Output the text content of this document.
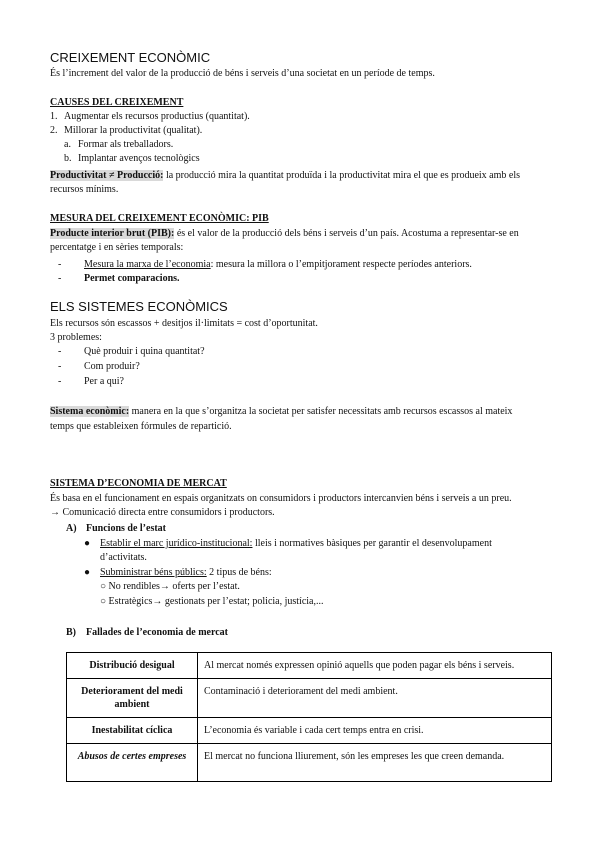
CREIXEMENT ECONÒMIC
És l’increment del valor de la producció de béns i serveis d’una societat en un període de temps.
CAUSES DEL CREIXEMENT
1. Augmentar els recursos productius (quantitat).
2. Millorar la productivitat (qualitat).
a. Formar als treballadors.
b. Implantar avenços tecnològics
Productivitat ≠ Producció: la producció mira la quantitat produïda i la productivitat mira el que es produeix amb els
recursos mínims.
MESURA DEL CREIXEMENT ECONÒMIC: PIB
Producte interior brut (PIB): és el valor de la producció dels béns i serveis d’un país. Acostuma a representar-se en
percentatge i en sèries temporals:
- Mesura la marxa de l’economia: mesura la millora o l’empitjorament respecte períodes anteriors.
- Permet comparacions.
ELS SISTEMES ECONÒMICS
Els recursos són escassos + desitjos il·limitats = cost d’oportunitat.
3 problemes:
- Què produir i quina quantitat?
- Com produir?
- Per a qui?
Sistema econòmic: manera en la que s’organitza la societat per satisfer necessitats amb recursos escassos al mateix
temps que estableixen fórmules de repartició.
SISTEMA D’ECONOMIA DE MERCAT
És basa en el funcionament en espais organitzats on consumidors i productors intercanvien béns i serveis a un preu.
→ Comunicació directa entre consumidors i productors.
A) Funcions de l’estat
● Establir el marc jurídico-institucional: lleis i normatives bàsiques per garantir el desenvolupament
d’activitats.
● Subministrar béns públics: 2 tipus de béns:
○ No rendibles→ oferts per l’estat.
○ Estratègics→ gestionats per l’estat; policia, justícia,...
B) Fallades de l’economia de mercat
Distribució desigual	Al mercat només expressen opinió aquells que poden pagar els béns i serveis.
Deteriorament del medi ambient	Contaminació i deteriorament del medi ambient.
Inestabilitat cíclica	L’economia és variable i cada cert temps entra en crisi.
Abusos de certes empreses	El mercat no funciona lliurement, són les empreses les que creen demanda.
